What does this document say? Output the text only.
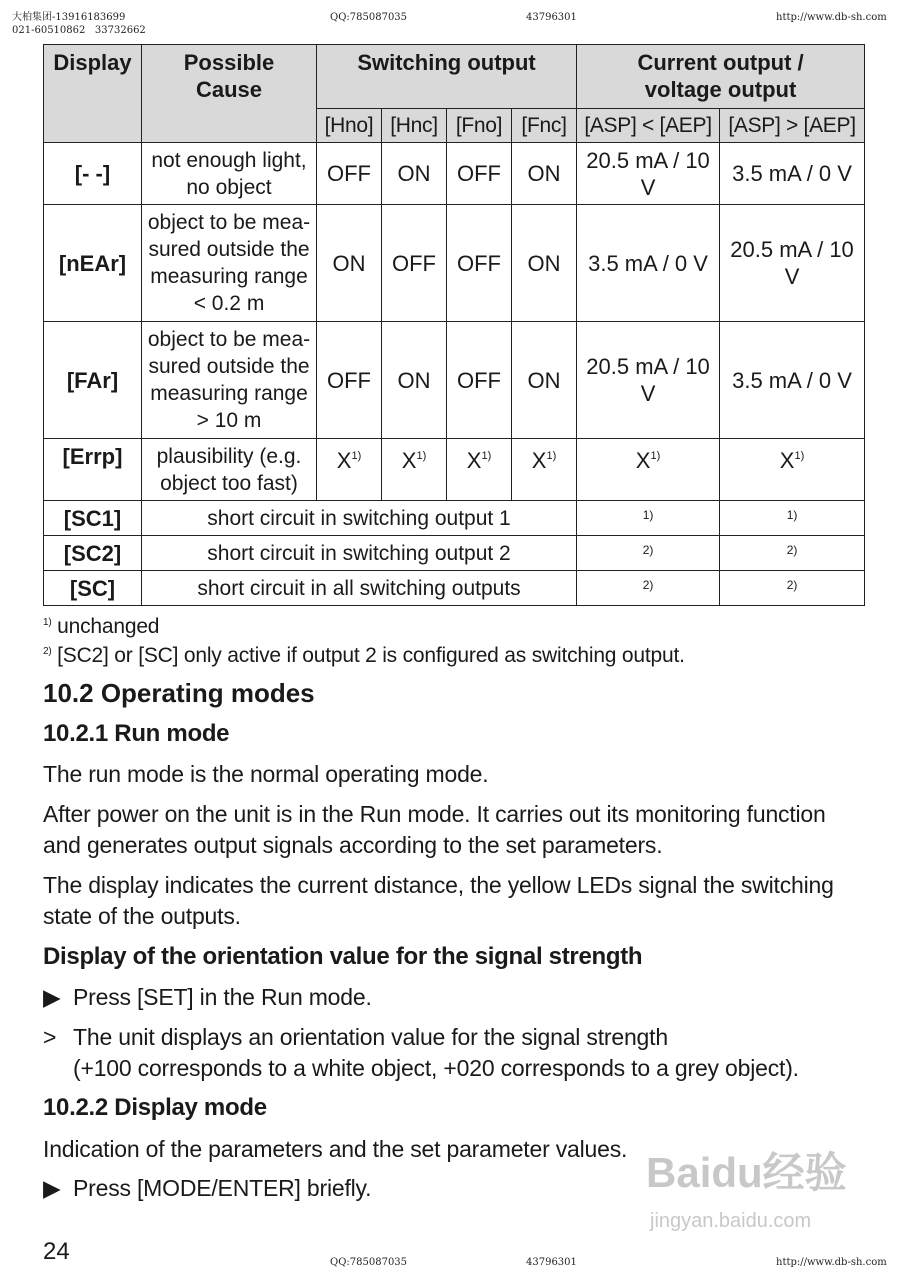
大柏集团-13916183699
021-60510862   33732662
QQ:785087035	43796301	http://www.db-sh.com
Display	Possible Cause	Switching output				Current output / voltage output	
		[Hno]	[Hnc]	[Fno]	[Fnc]	[ASP] < [AEP]	[ASP] > [AEP]
[- -]	not enough light, no object	OFF	ON	OFF	ON	20.5 mA / 10 V	3.5 mA / 0 V
[nEAr]	object to be mea-sured outside the measuring range < 0.2 m	ON	OFF	OFF	ON	3.5 mA / 0 V	20.5 mA / 10 V
[FAr]	object to be mea-sured outside the measuring range > 10 m	OFF	ON	OFF	ON	20.5 mA / 10 V	3.5 mA / 0 V
[Errp]	plausibility (e.g. object too fast)	$X^{1)}$	$X^{1)}$	$X^{1)}$	$X^{1)}$	$X^{1)}$	$X^{1)}$
[SC1]	short circuit in switching output 1					1)	1)
[SC2]	short circuit in switching output 2					2)	2)
[SC]	short circuit in all switching outputs					2)	2)
$^{1)}$ unchanged
$^{2)}$ [SC2] or [SC] only active if output 2 is configured as switching output.
10.2 Operating modes
10.2.1 Run mode
The run mode is the normal operating mode.
After power on the unit is in the Run mode. It carries out its monitoring function and generates output signals according to the set parameters.
The display indicates the current distance, the yellow LEDs signal the switching state of the outputs.
Display of the orientation value for the signal strength
▶ Press [SET] in the Run mode.
> The unit displays an orientation value for the signal strength
(+100 corresponds to a white object, +020 corresponds to a grey object).
10.2.2 Display mode
Indication of the parameters and the set parameter values.
▶ Press [MODE/ENTER] briefly.	Baidu经验
jingyan.baidu.com
24	QQ:785087035	43796301	http://www.db-sh.com
